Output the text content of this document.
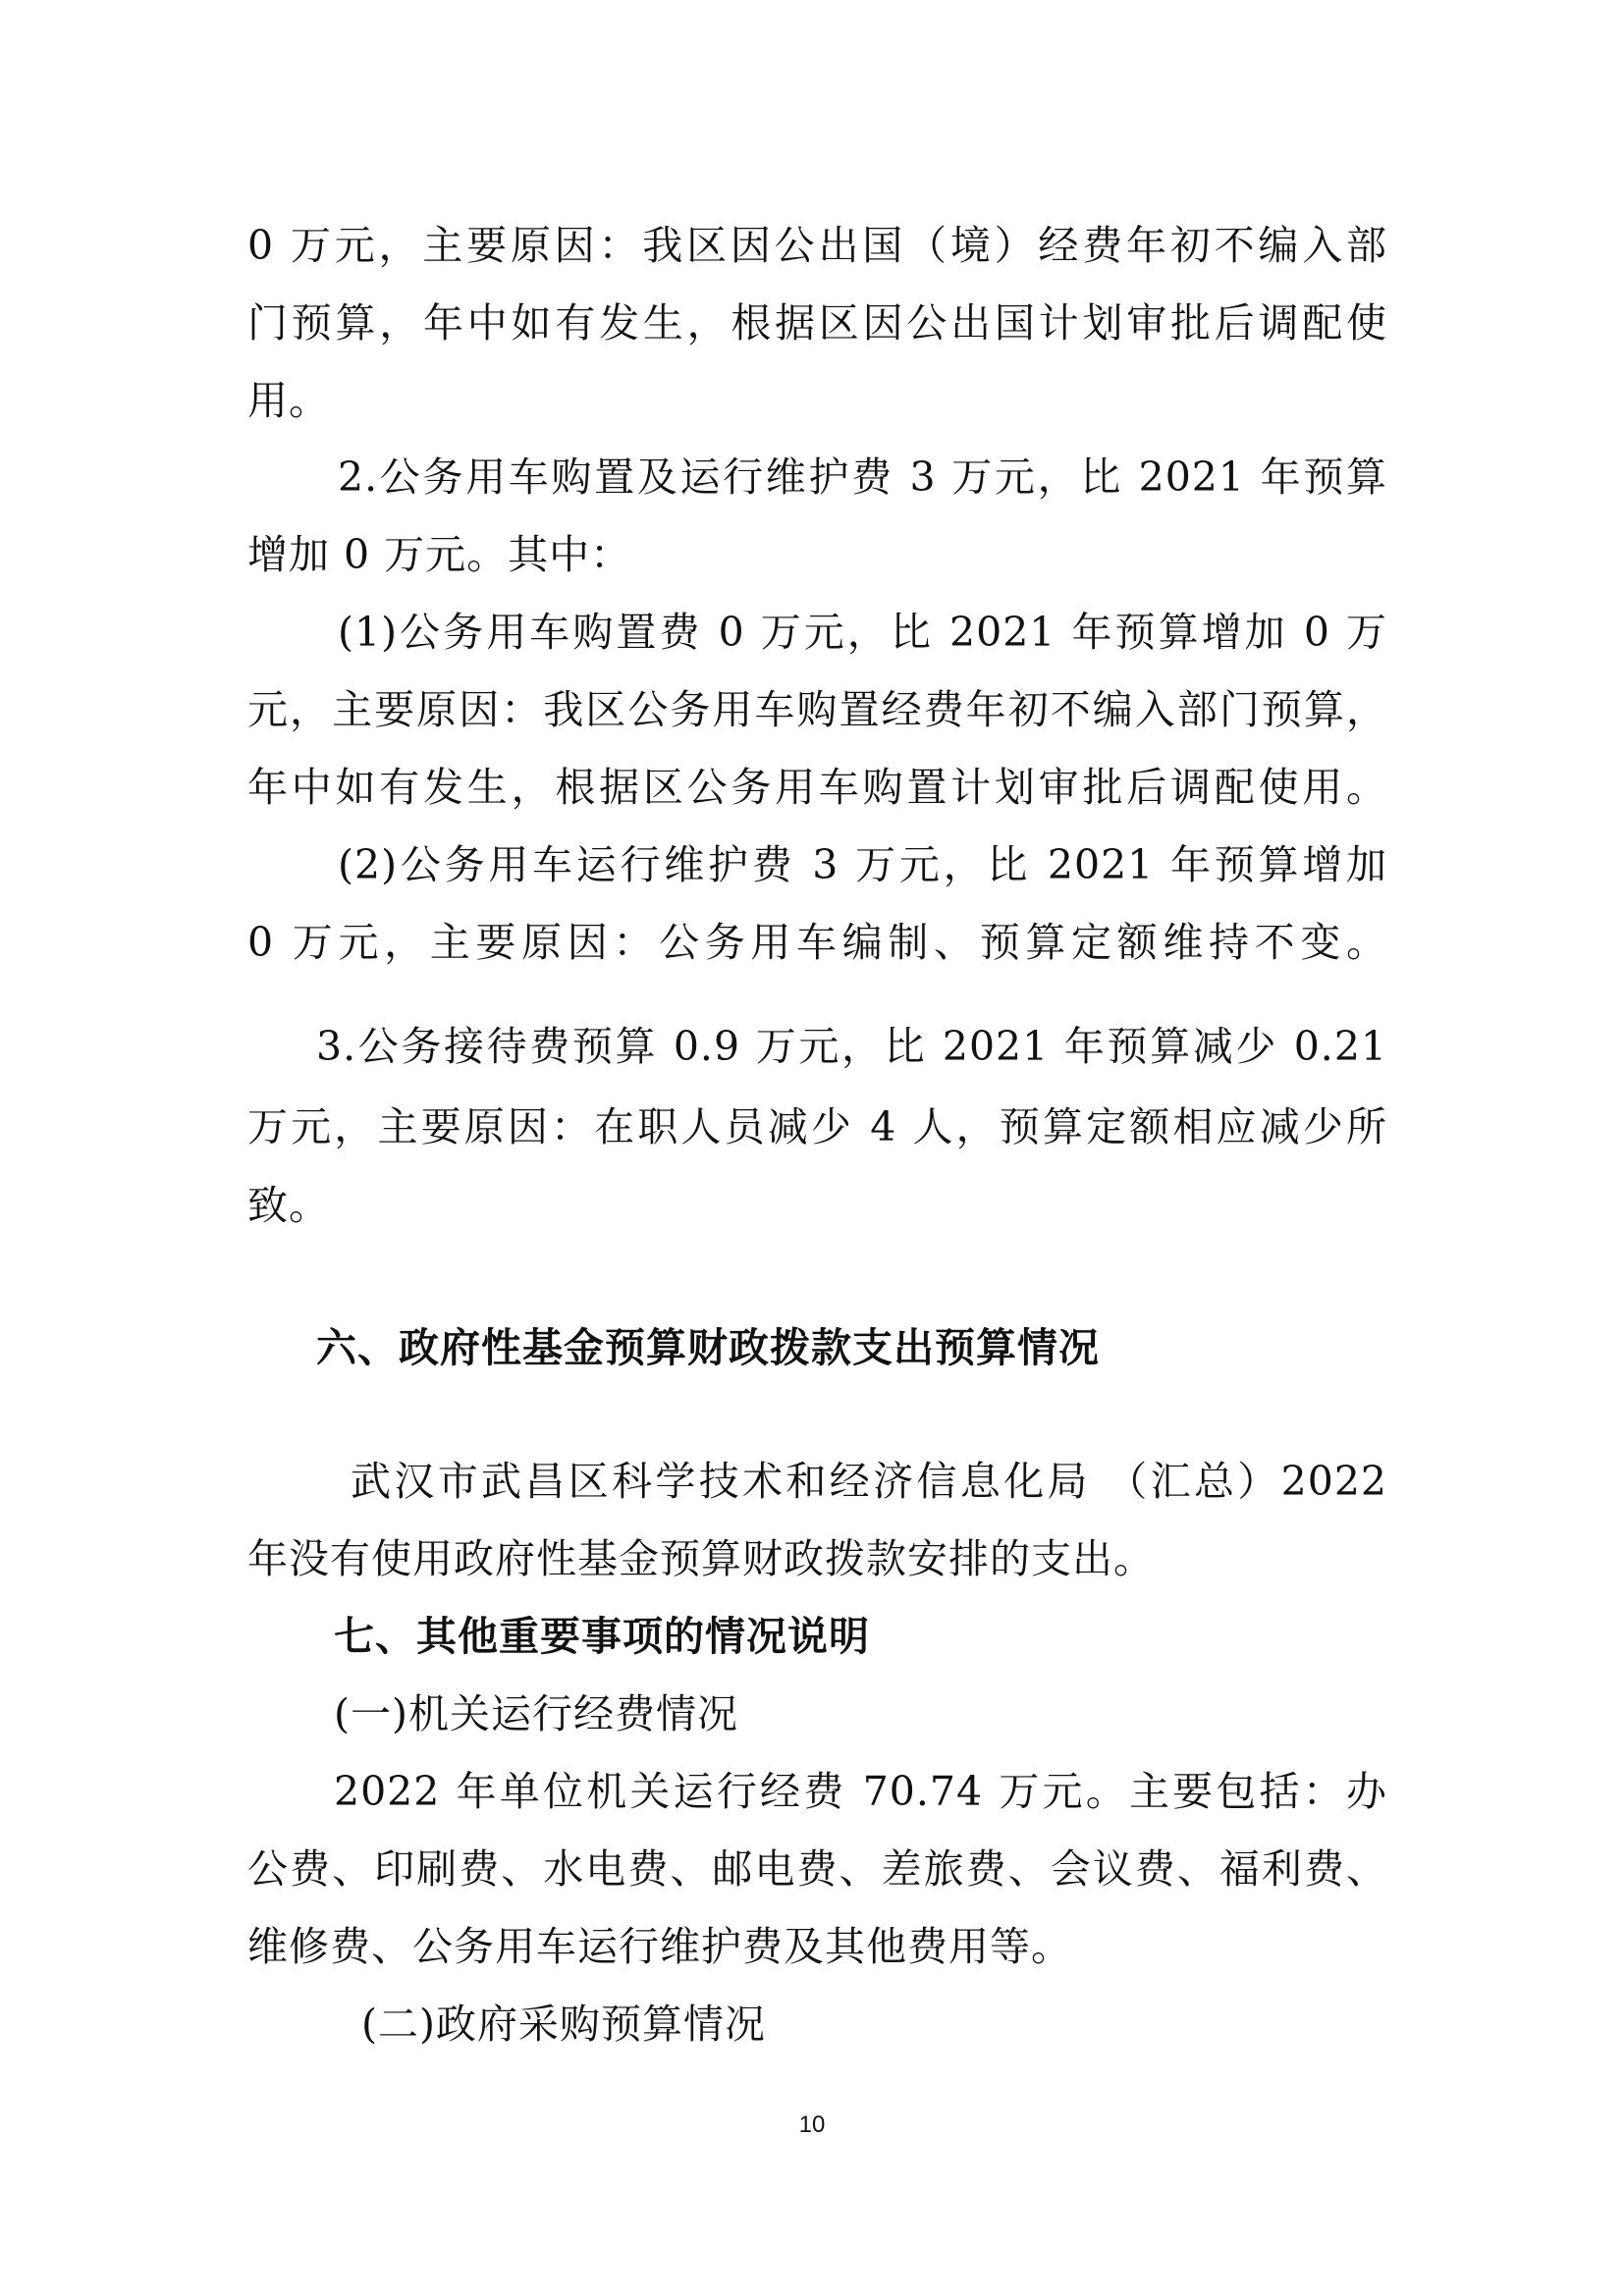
0 万元，主要原因：我区因公出国（境）经费年初不编入部
门预算，年中如有发生，根据区因公出国计划审批后调配使
用。
2.公务用车购置及运行维护费 3 万元，比 2021 年预算
增加 0 万元。其中：
(1)公务用车购置费 0 万元，比 2021 年预算增加 0 万
元，主要原因：我区公务用车购置经费年初不编入部门预算，
年中如有发生，根据区公务用车购置计划审批后调配使用。
(2)公务用车运行维护费 3 万元，比 2021 年预算增加
0 万元，主要原因：公务用车编制、预算定额维持不变。
3.公务接待费预算 0.9 万元，比 2021 年预算减少 0.21
万元，主要原因：在职人员减少 4 人，预算定额相应减少所
致。
六、政府性基金预算财政拨款支出预算情况
武汉市武昌区科学技术和经济信息化局 （汇总）2022
年没有使用政府性基金预算财政拨款安排的支出。
七、其他重要事项的情况说明
(一)机关运行经费情况
2022 年单位机关运行经费 70.74 万元。主要包括：办
公费、印刷费、水电费、邮电费、差旅费、会议费、福利费、
维修费、公务用车运行维护费及其他费用等。
(二)政府采购预算情况
10
